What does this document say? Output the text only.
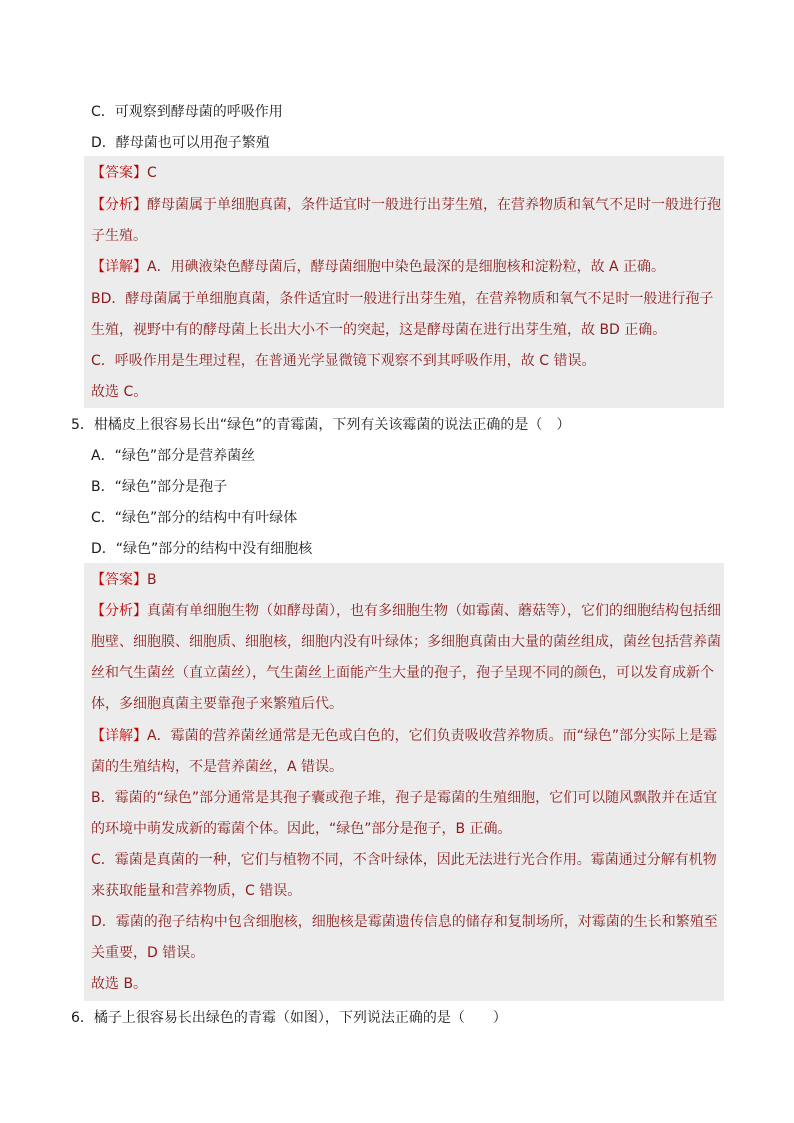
C．可观察到酵母菌的呼吸作用
D．酵母菌也可以用孢子繁殖
【答案】C
【分析】酵母菌属于单细胞真菌，条件适宜时一般进行出芽生殖，在营养物质和氧气不足时一般进行孢
子生殖。
【详解】A．用碘液染色酵母菌后，酵母菌细胞中染色最深的是细胞核和淀粉粒，故 A 正确。
BD．酵母菌属于单细胞真菌，条件适宜时一般进行出芽生殖，在营养物质和氧气不足时一般进行孢子
生殖，视野中有的酵母菌上长出大小不一的突起，这是酵母菌在进行出芽生殖，故 BD 正确。
C．呼吸作用是生理过程，在普通光学显微镜下观察不到其呼吸作用，故 C 错误。
故选 C。
5．柑橘皮上很容易长出“绿色”的青霉菌，下列有关该霉菌的说法正确的是（　）
A．“绿色”部分是营养菌丝
B．“绿色”部分是孢子
C．“绿色”部分的结构中有叶绿体
D．“绿色”部分的结构中没有细胞核
【答案】B
【分析】真菌有单细胞生物（如酵母菌），也有多细胞生物（如霉菌、蘑菇等），它们的细胞结构包括细
胞壁、细胞膜、细胞质、细胞核，细胞内没有叶绿体；多细胞真菌由大量的菌丝组成，菌丝包括营养菌
丝和气生菌丝（直立菌丝），气生菌丝上面能产生大量的孢子，孢子呈现不同的颜色，可以发育成新个
体，多细胞真菌主要靠孢子来繁殖后代。
【详解】A．霉菌的营养菌丝通常是无色或白色的，它们负责吸收营养物质。而“绿色”部分实际上是霉
菌的生殖结构，不是营养菌丝，A 错误。
B．霉菌的“绿色”部分通常是其孢子囊或孢子堆，孢子是霉菌的生殖细胞，它们可以随风飘散并在适宜
的环境中萌发成新的霉菌个体。因此，“绿色”部分是孢子，B 正确。
C．霉菌是真菌的一种，它们与植物不同，不含叶绿体，因此无法进行光合作用。霉菌通过分解有机物
来获取能量和营养物质，C 错误。
D．霉菌的孢子结构中包含细胞核，细胞核是霉菌遗传信息的储存和复制场所，对霉菌的生长和繁殖至
关重要，D 错误。
故选 B。
6．橘子上很容易长出绿色的青霉（如图），下列说法正确的是（　　）
